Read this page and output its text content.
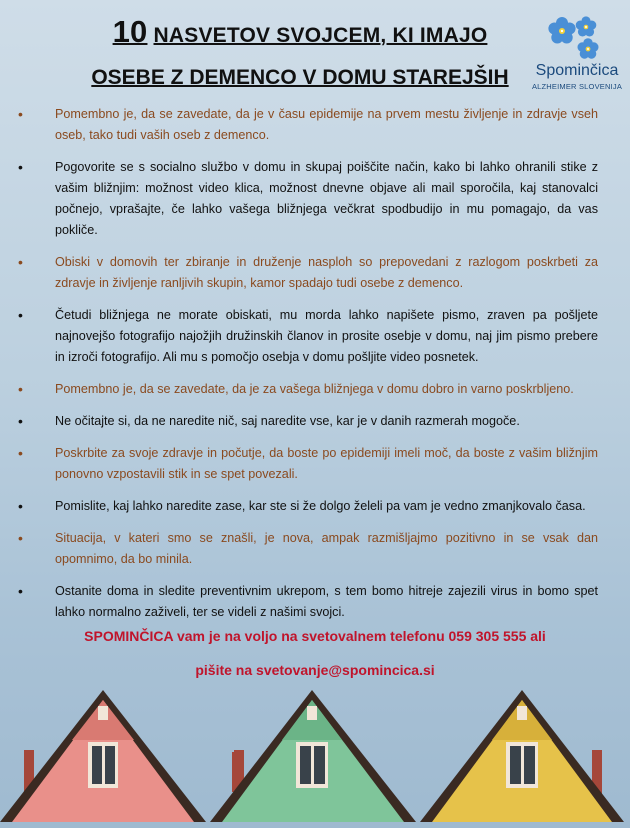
10 NASVETOV SVOJCEM, KI IMAJO
OSEBE Z DEMENCO V DOMU STAREJŠIH	Spominčica
ALZHEIMER SLOVENIJA
•	Pomembno je, da se zavedate, da je v času epidemije na prvem mestu življenje in zdravje vseh oseb, tako tudi vaših oseb z demenco.
•	Pogovorite se s socialno službo v domu in skupaj poiščite način, kako bi lahko ohranili stike z vašim bližnjim: možnost video klica, možnost dnevne objave ali mail sporočila, kaj stanovalci počnejo, vprašajte, če lahko vašega bližnjega večkrat spodbudijo in mu pomagajo, da vas pokliče.
•	Obiski v domovih ter zbiranje in druženje nasploh so prepovedani z razlogom poskrbeti za zdravje in življenje ranljivih skupin, kamor spadajo tudi osebe z demenco.
•	Četudi bližnjega ne morate obiskati, mu morda lahko napišete pismo, zraven pa pošljete najnovejšo fotografijo najožjih družinskih članov in prosite osebje v domu, naj jim pismo prebere in izroči fotografijo. Ali mu s pomočjo osebja v domu pošljite video posnetek.
•	Pomembno je, da se zavedate, da je za vašega bližnjega v domu dobro in varno poskrbljeno.
•	Ne očitajte si, da ne naredite nič, saj naredite vse, kar je v danih razmerah mogoče.
•	Poskrbite za svoje zdravje in počutje, da boste po epidemiji imeli moč, da boste z vašim bližnjim ponovno vzpostavili stik in se spet povezali.
•	Pomislite, kaj lahko naredite zase, kar ste si že dolgo želeli pa vam je vedno zmanjkovalo časa.
•	Situacija, v kateri smo se znašli, je nova, ampak razmišljajmo pozitivno in se vsak dan opomnimo, da bo minila.
•	Ostanite doma in sledite preventivnim ukrepom, s tem bomo hitreje zajezili virus in bomo spet lahko normalno zaživeli, ter se videli z našimi svojci.
SPOMINČICA vam je na voljo na svetovalnem telefonu 059 305 555 ali
pišite na svetovanje@spomincica.si
